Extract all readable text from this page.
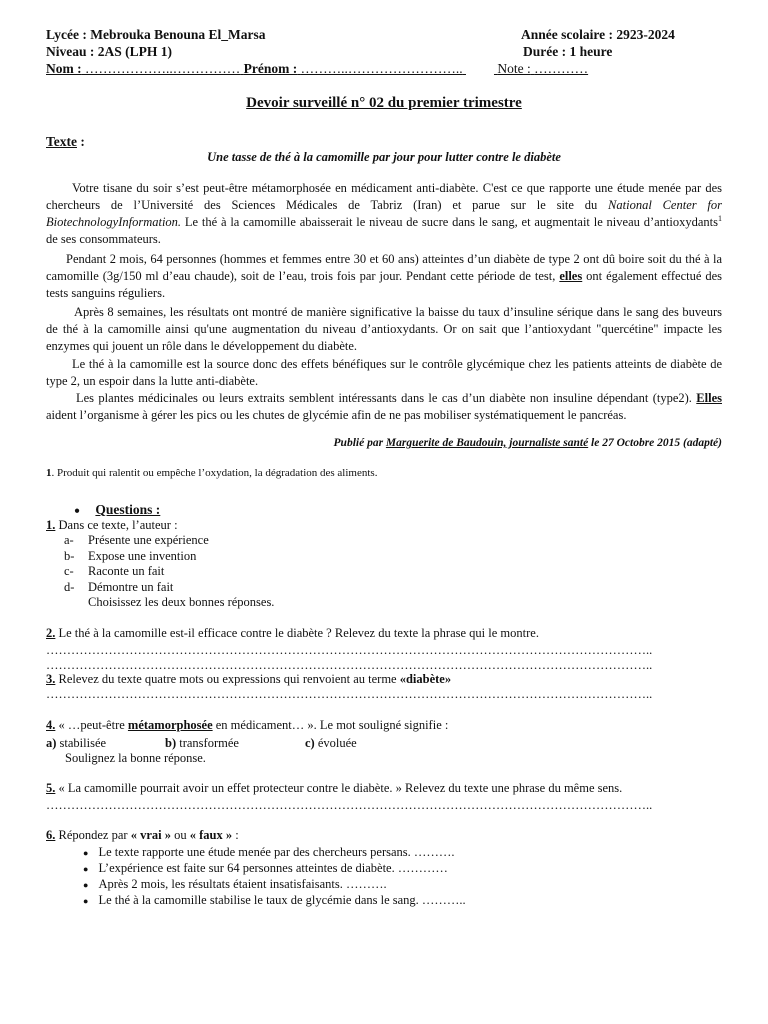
Lycée : Mebrouka Benouna El_Marsa	Année scolaire : 2923-2024
Niveau : 2AS (LPH 1)	Durée : 1 heure
Nom : ………………..…………… Prénom : ………..……………………..	Note : …………
Devoir surveillé n° 02 du premier trimestre
Texte :
Une tasse de thé à la camomille par jour pour lutter contre le diabète
Votre tisane du soir s’est peut-être métamorphosée en médicament anti-diabète. C'est ce que rapporte une étude menée par des chercheurs de l’Université des Sciences Médicales de Tabriz (Iran) et parue sur le site du National Center for BiotechnologyInformation. Le thé à la camomille abaisserait le niveau de sucre dans le sang, et augmentait le niveau d’antioxydants$^1$ de ses consommateurs.
Pendant 2 mois, 64 personnes (hommes et femmes entre 30 et 60 ans) atteintes d’un diabète de type 2 ont dû boire soit du thé à la camomille (3g/150 ml d’eau chaude), soit de l’eau, trois fois par jour. Pendant cette période de test, elles ont également effectué des tests sanguins réguliers.
Après 8 semaines, les résultats ont montré de manière significative la baisse du taux d’insuline sérique dans le sang des buveurs de thé à la camomille ainsi qu'une augmentation du niveau d’antioxydants. Or on sait que l’antioxydant "quercétine" impacte les enzymes qui jouent un rôle dans le développement du diabète.
Le thé à la camomille est la source donc des effets bénéfiques sur le contrôle glycémique chez les patients atteints de diabète de type 2, un espoir dans la lutte anti-diabète.
Les plantes médicinales ou leurs extraits semblent intéressants dans le cas d’un diabète non insuline dépendant (type2). Elles aident l’organisme à gérer les pics ou les chutes de glycémie afin de ne pas mobiliser systématiquement le pancréas.
Publié par Marguerite de Baudouin, journaliste santé le 27 Octobre 2015 (adapté)
1. Produit qui ralentit ou empêche l’oxydation, la dégradation des aliments.
● Questions :
1. Dans ce texte, l’auteur :
a- Présente une expérience
b- Expose une invention
c- Raconte un fait
d- Démontre un fait
Choisissez les deux bonnes réponses.
2. Le thé à la camomille est-il efficace contre le diabète ? Relevez du texte la phrase qui le montre.
………………………………………………………………………………………………………………………………..
………………………………………………………………………………………………………………………………..
3. Relevez du texte quatre mots ou expressions qui renvoient au terme «diabète»
………………………………………………………………………………………………………………………………..
4. « …peut-être métamorphosée en médicament… ». Le mot souligné signifie :
a) stabilisée	b) transformée	c) évoluée
Soulignez la bonne réponse.
5. « La camomille pourrait avoir un effet protecteur contre le diabète. » Relevez du texte une phrase du même sens.
………………………………………………………………………………………………………………………………..
6. Répondez par « vrai » ou « faux » :
● Le texte rapporte une étude menée par des chercheurs persans. ……….
● L’expérience est faite sur 64 personnes atteintes de diabète. …………
● Après 2 mois, les résultats étaient insatisfaisants. ……….
● Le thé à la camomille stabilise le taux de glycémie dans le sang. ………..
